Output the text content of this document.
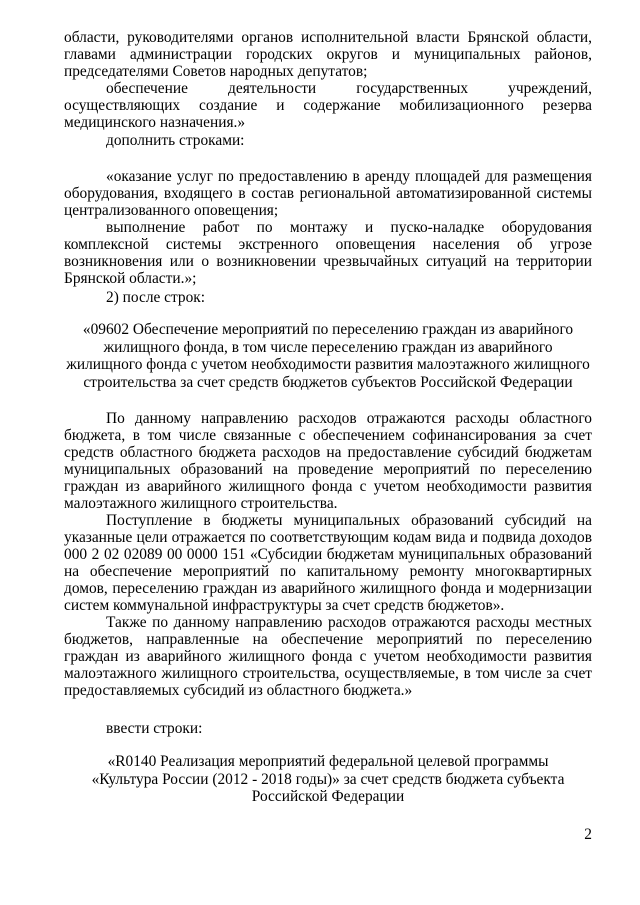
области, руководителями органов исполнительной власти Брянской области, главами администрации городских округов и муниципальных районов, председателями Советов народных депутатов;

обеспечение деятельности государственных учреждений, осуществляющих создание и содержание мобилизационного резерва медицинского назначения.»

дополнить строками:

«оказание услуг по предоставлению в аренду площадей для размещения оборудования, входящего в состав региональной автоматизированной системы централизованного оповещения;

выполнение работ по монтажу и пуско-наладке оборудования комплексной системы экстренного оповещения населения об угрозе возникновения или о возникновении чрезвычайных ситуаций на территории Брянской области.»;

2) после строк:

«09602 Обеспечение мероприятий по переселению граждан из аварийного жилищного фонда, в том числе переселению граждан из аварийного жилищного фонда с учетом необходимости развития малоэтажного жилищного строительства за счет средств бюджетов субъектов Российской Федерации

По данному направлению расходов отражаются расходы областного бюджета, в том числе связанные с обеспечением софинансирования за счет средств областного бюджета расходов на предоставление субсидий бюджетам муниципальных образований на проведение мероприятий по переселению граждан из аварийного жилищного фонда с учетом необходимости развития малоэтажного жилищного строительства.

Поступление в бюджеты муниципальных образований субсидий на указанные цели отражается по соответствующим кодам вида и подвида доходов 000 2 02 02089 00 0000 151 «Субсидии бюджетам муниципальных образований на обеспечение мероприятий по капитальному ремонту многоквартирных домов, переселению граждан из аварийного жилищного фонда и модернизации систем коммунальной инфраструктуры за счет средств бюджетов».

Также по данному направлению расходов отражаются расходы местных бюджетов, направленные на обеспечение мероприятий по переселению граждан из аварийного жилищного фонда с учетом необходимости развития малоэтажного жилищного строительства, осуществляемые, в том числе за счет предоставляемых субсидий из областного бюджета.»

ввести строки:

«R0140 Реализация мероприятий федеральной целевой программы

«Культура России (2012 - 2018 годы)» за счет средств бюджета субъекта

Российской Федерации

2
